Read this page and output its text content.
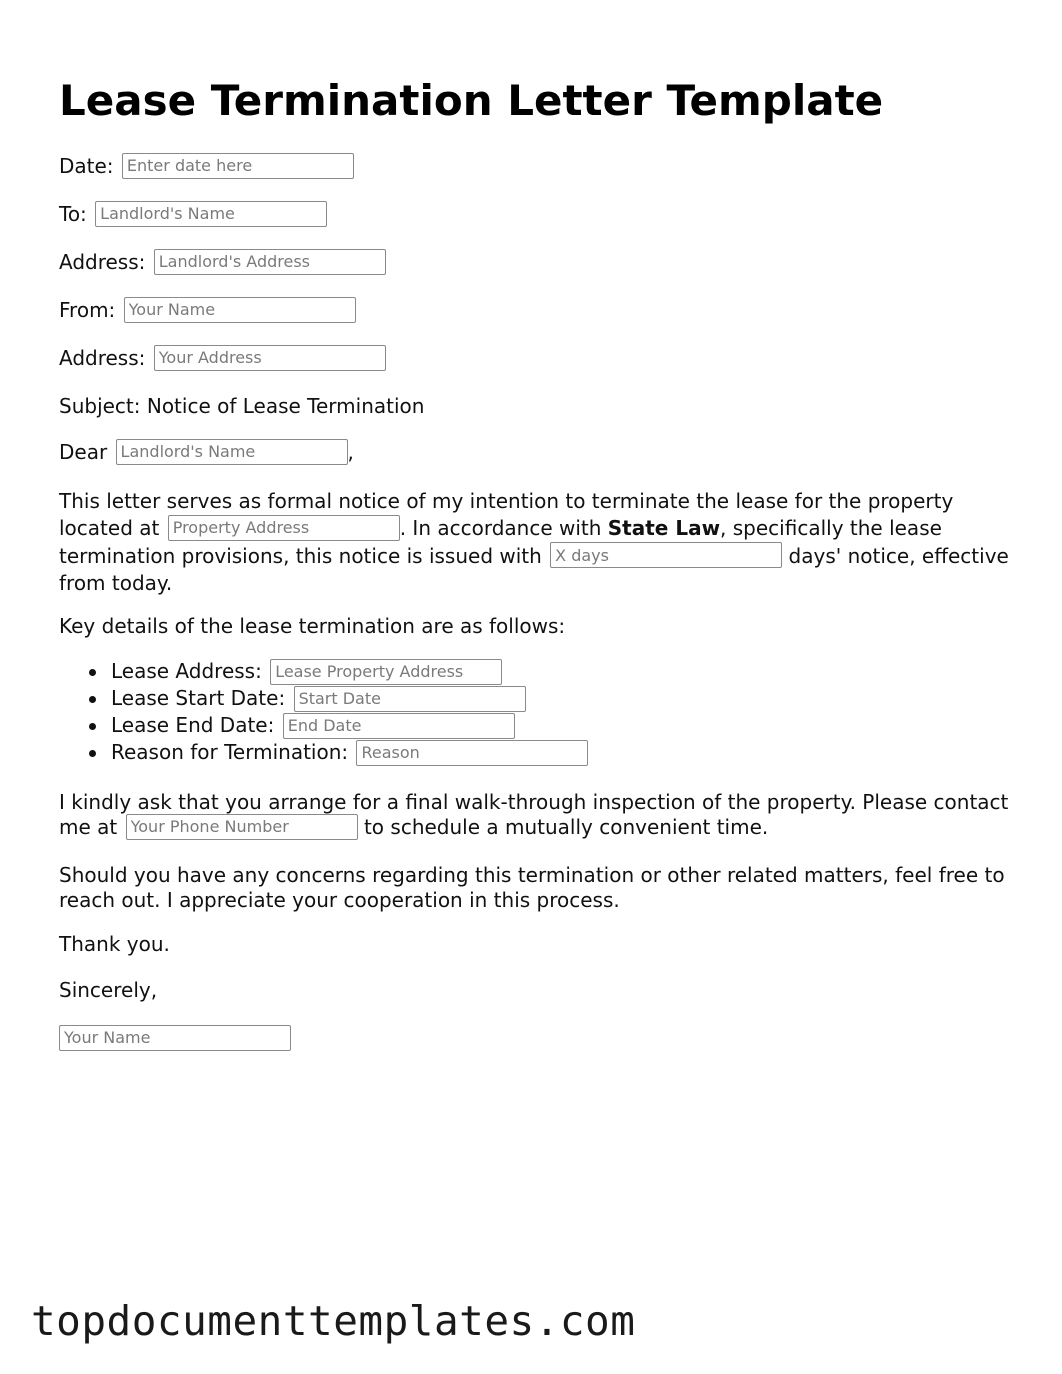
Lease Termination Letter Template
Date: Enter date here
To: Landlord's Name
Address: Landlord's Address
From: Your Name
Address: Your Address
Subject: Notice of Lease Termination
Dear Landlord's Name	,

This letter serves as formal notice of my intention to terminate the lease for the property located at Property Address	. In accordance with State Law, specifically the lease termination provisions, this notice is issued with X days	days' notice, effective from today.

Key details of the lease termination are as follows:
Lease Address: Lease Property Address
Lease Start Date: Start Date
Lease End Date: End Date
Reason for Termination: Reason

I kindly ask that you arrange for a final walk-through inspection of the property. Please contact me at Your Phone Number	to schedule a mutually convenient time.

Should you have any concerns regarding this termination or other related matters, feel free to reach out. I appreciate your cooperation in this process.

Thank you.
Sincerely,
Your Name
topdocumenttemplates.com
